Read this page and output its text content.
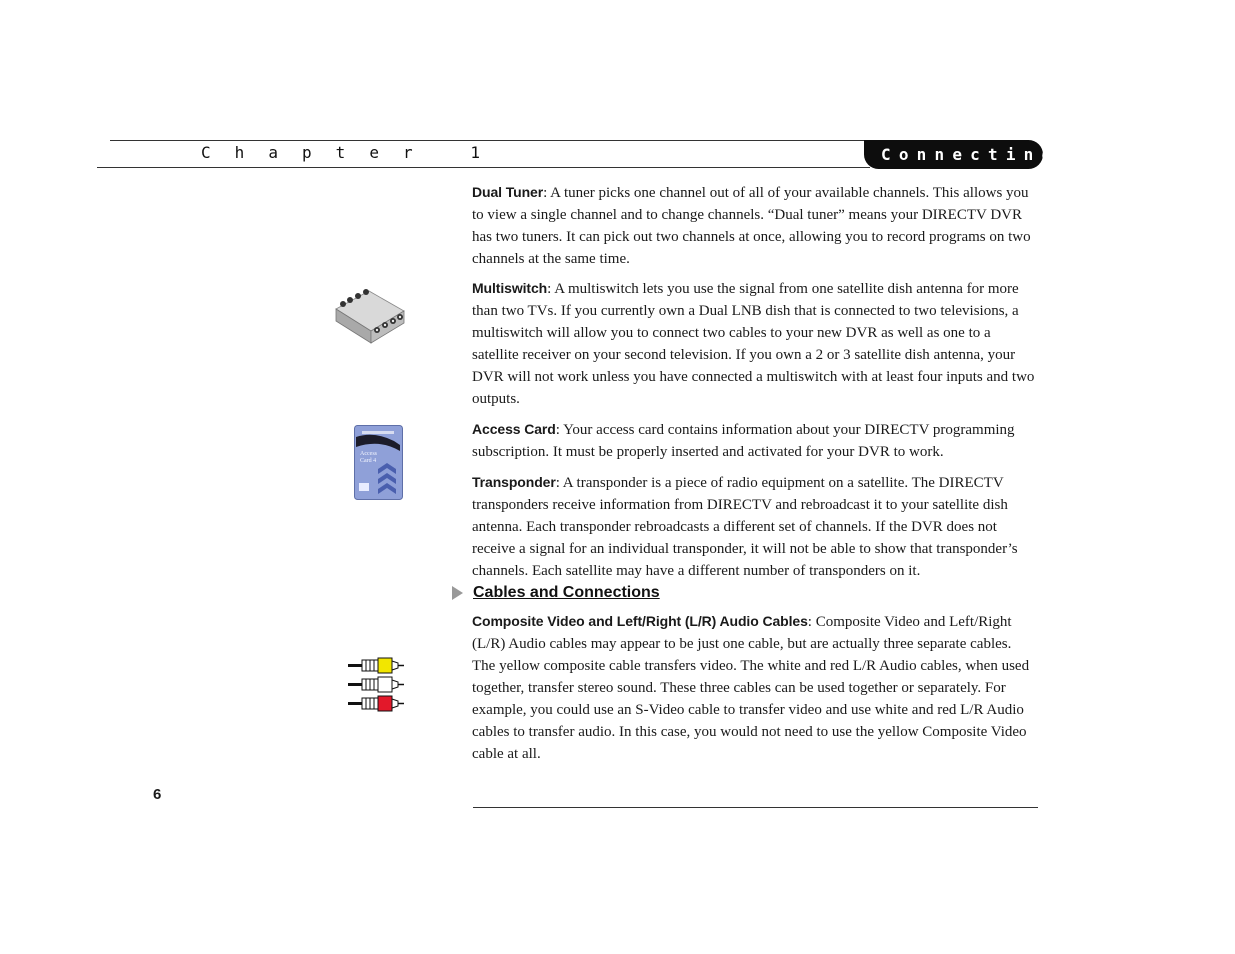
C h a p t e r   1	Connecting
Access
Card 4

Dual Tuner: A tuner picks one channel out of all of your available channels. This allows you to view a single channel and to change channels. “Dual tuner” means your DIRECTV DVR has two tuners. It can pick out two channels at once, allowing you to record programs on two channels at the same time.

Multiswitch: A multiswitch lets you use the signal from one satellite dish antenna for more than two TVs. If you currently own a Dual LNB dish that is connected to two televisions, a multiswitch will allow you to connect two cables to your new DVR as well as one to a satellite receiver on your second television. If you own a 2 or 3 satellite dish antenna, your DVR will not work unless you have connected a multiswitch with at least four inputs and two outputs.

Access Card: Your access card contains information about your DIRECTV programming subscription. It must be properly inserted and activated for your DVR to work.

Transponder: A transponder is a piece of radio equipment on a satellite. The DIRECTV transponders receive information from DIRECTV and rebroadcast it to your satellite dish antenna. Each transponder rebroadcasts a different set of channels. If the DVR does not receive a signal for an individual transponder, it will not be able to show that transponder’s channels. Each satellite may have a different number of transponders on it.

Cables and Connections

Composite Video and Left/Right (L/R) Audio Cables: Composite Video and Left/Right (L/R) Audio cables may appear to be just one cable, but are actually three separate cables. The yellow composite cable transfers video. The white and red L/R Audio cables, when used together, transfer stereo sound. These three cables can be used together or separately. For example, you could use an S-Video cable to transfer video and use white and red L/R Audio cables to transfer audio. In this case, you would not need to use the yellow Composite Video cable at all.

6
